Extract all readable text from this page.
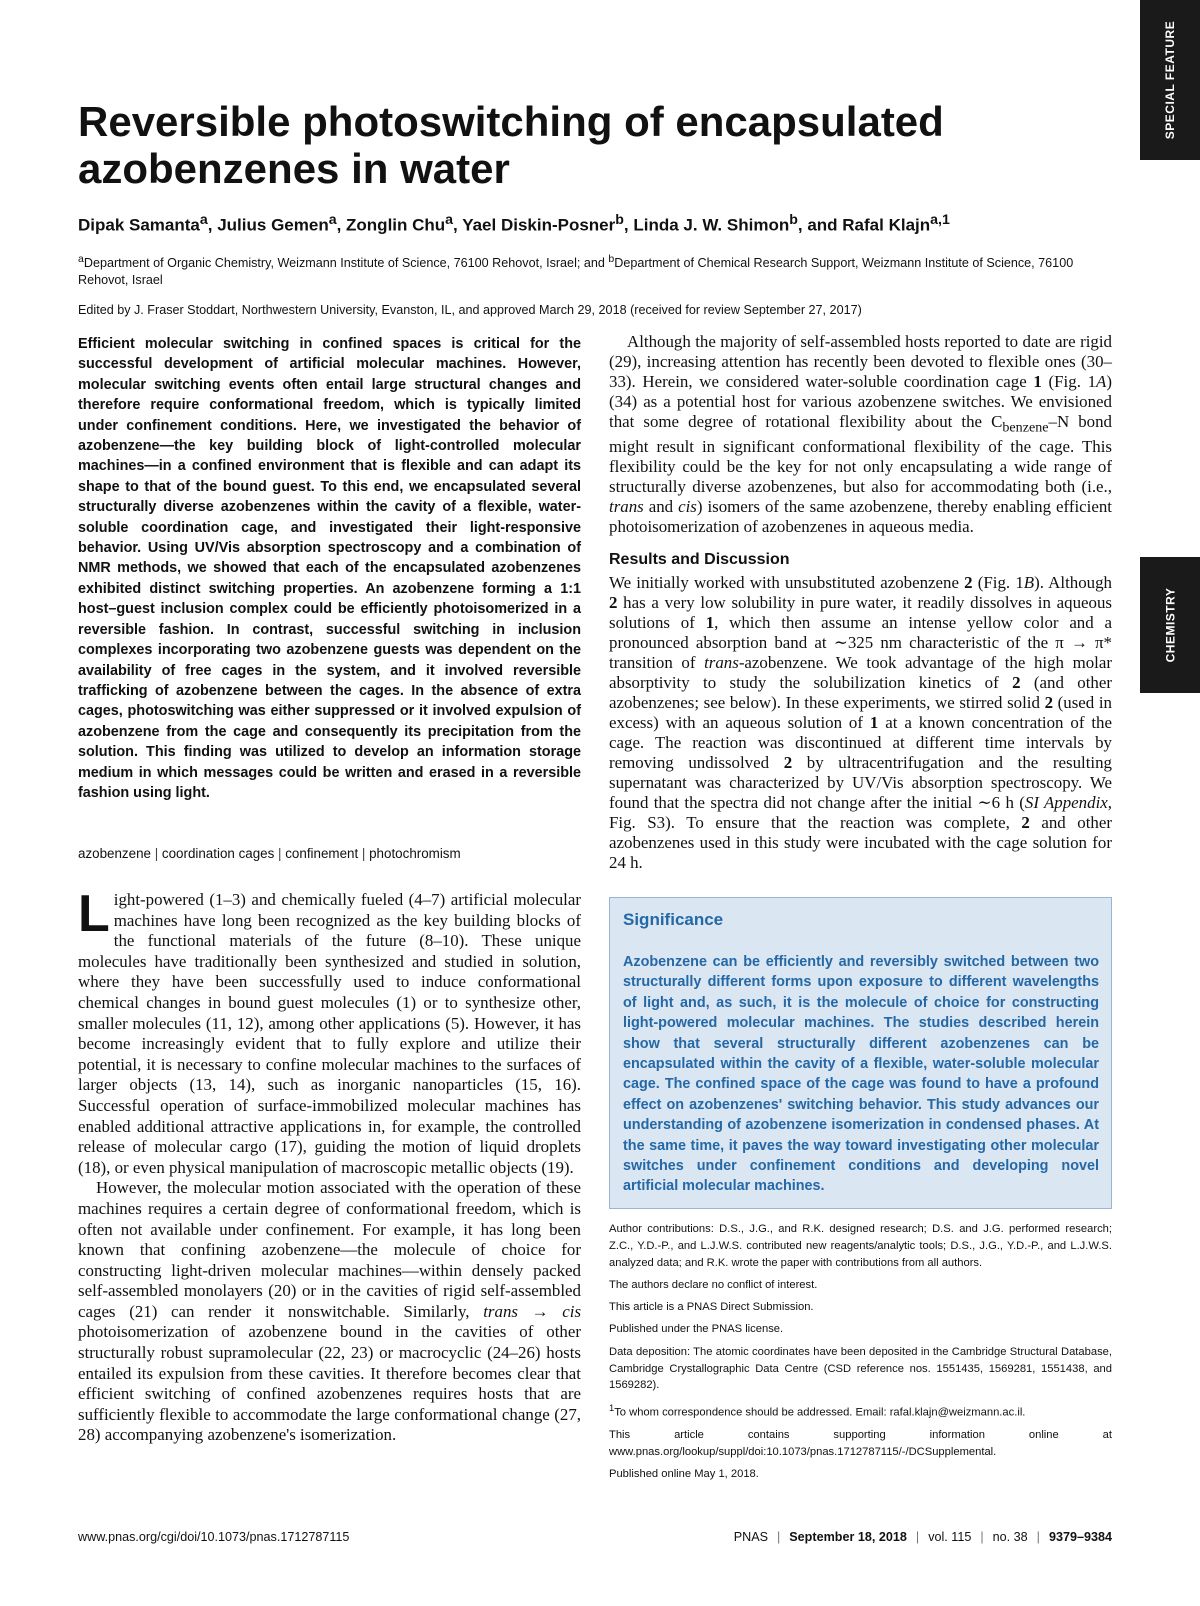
SPECIAL FEATURE
CHEMISTRY
Reversible photoswitching of encapsulated
azobenzenes in water
Dipak Samanta$^a$, Julius Gemen$^a$, Zonglin Chu$^a$, Yael Diskin-Posner$^b$, Linda J. W. Shimon$^b$, and Rafal Klajn$^{a,1}$
$^a$Department of Organic Chemistry, Weizmann Institute of Science, 76100 Rehovot, Israel; and $^b$Department of Chemical Research Support, Weizmann Institute of Science, 76100 Rehovot, Israel
Edited by J. Fraser Stoddart, Northwestern University, Evanston, IL, and approved March 29, 2018 (received for review September 27, 2017)

Efficient molecular switching in confined spaces is critical for the successful development of artificial molecular machines. However, molecular switching events often entail large structural changes and therefore require conformational freedom, which is typically limited under confinement conditions. Here, we investigated the behavior of azobenzene—the key building block of light-controlled molecular machines—in a confined environment that is flexible and can adapt its shape to that of the bound guest. To this end, we encapsulated several structurally diverse azobenzenes within the cavity of a flexible, water-soluble coordination cage, and investigated their light-responsive behavior. Using UV/Vis absorption spectroscopy and a combination of NMR methods, we showed that each of the encapsulated azobenzenes exhibited distinct switching properties. An azobenzene forming a 1:1 host–guest inclusion complex could be efficiently photoisomerized in a reversible fashion. In contrast, successful switching in inclusion complexes incorporating two azobenzene guests was dependent on the availability of free cages in the system, and it involved reversible trafficking of azobenzene between the cages. In the absence of extra cages, photoswitching was either suppressed or it involved expulsion of azobenzene from the cage and consequently its precipitation from the solution. This finding was utilized to develop an information storage medium in which messages could be written and erased in a reversible fashion using light.

azobenzene | coordination cages | confinement | photochromism

Light-powered (1–3) and chemically fueled (4–7) artificial molecular machines have long been recognized as the key building blocks of the functional materials of the future (8–10). These unique molecules have traditionally been synthesized and studied in solution, where they have been successfully used to induce conformational chemical changes in bound guest molecules (1) or to synthesize other, smaller molecules (11, 12), among other applications (5). However, it has become increasingly evident that to fully explore and utilize their potential, it is necessary to confine molecular machines to the surfaces of larger objects (13, 14), such as inorganic nanoparticles (15, 16). Successful operation of surface-immobilized molecular machines has enabled additional attractive applications in, for example, the controlled release of molecular cargo (17), guiding the motion of liquid droplets (18), or even physical manipulation of macroscopic metallic objects (19).

However, the molecular motion associated with the operation of these machines requires a certain degree of conformational freedom, which is often not available under confinement. For example, it has long been known that confining azobenzene—the molecule of choice for constructing light-driven molecular machines—within densely packed self-assembled monolayers (20) or in the cavities of rigid self-assembled cages (21) can render it nonswitchable. Similarly, trans → cis photoisomerization of azobenzene bound in the cavities of other structurally robust supramolecular (22, 23) or macrocyclic (24–26) hosts entailed its expulsion from these cavities. It therefore becomes clear that efficient switching of confined azobenzenes requires hosts that are sufficiently flexible to accommodate the large conformational change (27, 28) accompanying azobenzene's isomerization.

Although the majority of self-assembled hosts reported to date are rigid (29), increasing attention has recently been devoted to flexible ones (30–33). Herein, we considered water-soluble coordination cage 1 (Fig. 1A) (34) as a potential host for various azobenzene switches. We envisioned that some degree of rotational flexibility about the $C_{benzene}-N$ bond might result in significant conformational flexibility of the cage. This flexibility could be the key for not only encapsulating a wide range of structurally diverse azobenzenes, but also for accommodating both (i.e., trans and cis) isomers of the same azobenzene, thereby enabling efficient photoisomerization of azobenzenes in aqueous media.

Results and Discussion

We initially worked with unsubstituted azobenzene 2 (Fig. 1B). Although 2 has a very low solubility in pure water, it readily dissolves in aqueous solutions of 1, which then assume an intense yellow color and a pronounced absorption band at ∼325 nm characteristic of the π → π* transition of trans-azobenzene. We took advantage of the high molar absorptivity to study the solubilization kinetics of 2 (and other azobenzenes; see below). In these experiments, we stirred solid 2 (used in excess) with an aqueous solution of 1 at a known concentration of the cage. The reaction was discontinued at different time intervals by removing undissolved 2 by ultracentrifugation and the resulting supernatant was characterized by UV/Vis absorption spectroscopy. We found that the spectra did not change after the initial ∼6 h (SI Appendix, Fig. S3). To ensure that the reaction was complete, 2 and other azobenzenes used in this study were incubated with the cage solution for 24 h.

Significance

Azobenzene can be efficiently and reversibly switched between two structurally different forms upon exposure to different wavelengths of light and, as such, it is the molecule of choice for constructing light-powered molecular machines. The studies described herein show that several structurally different azobenzenes can be encapsulated within the cavity of a flexible, water-soluble molecular cage. The confined space of the cage was found to have a profound effect on azobenzenes' switching behavior. This study advances our understanding of azobenzene isomerization in condensed phases. At the same time, it paves the way toward investigating other molecular switches under confinement conditions and developing novel artificial molecular machines.

Author contributions: D.S., J.G., and R.K. designed research; D.S. and J.G. performed research; Z.C., Y.D.-P., and L.J.W.S. contributed new reagents/analytic tools; D.S., J.G., Y.D.-P., and L.J.W.S. analyzed data; and R.K. wrote the paper with contributions from all authors.

The authors declare no conflict of interest.

This article is a PNAS Direct Submission.

Published under the PNAS license.

Data deposition: The atomic coordinates have been deposited in the Cambridge Structural Database, Cambridge Crystallographic Data Centre (CSD reference nos. 1551435, 1569281, 1551438, and 1569282).

$^1$To whom correspondence should be addressed. Email: rafal.klajn@weizmann.ac.il.

This article contains supporting information online at www.pnas.org/lookup/suppl/doi:10.1073/pnas.1712787115/-/DCSupplemental.

Published online May 1, 2018.

www.pnas.org/cgi/doi/10.1073/pnas.1712787115	PNAS | September 18, 2018 | vol. 115 | no. 38 | 9379–9384
